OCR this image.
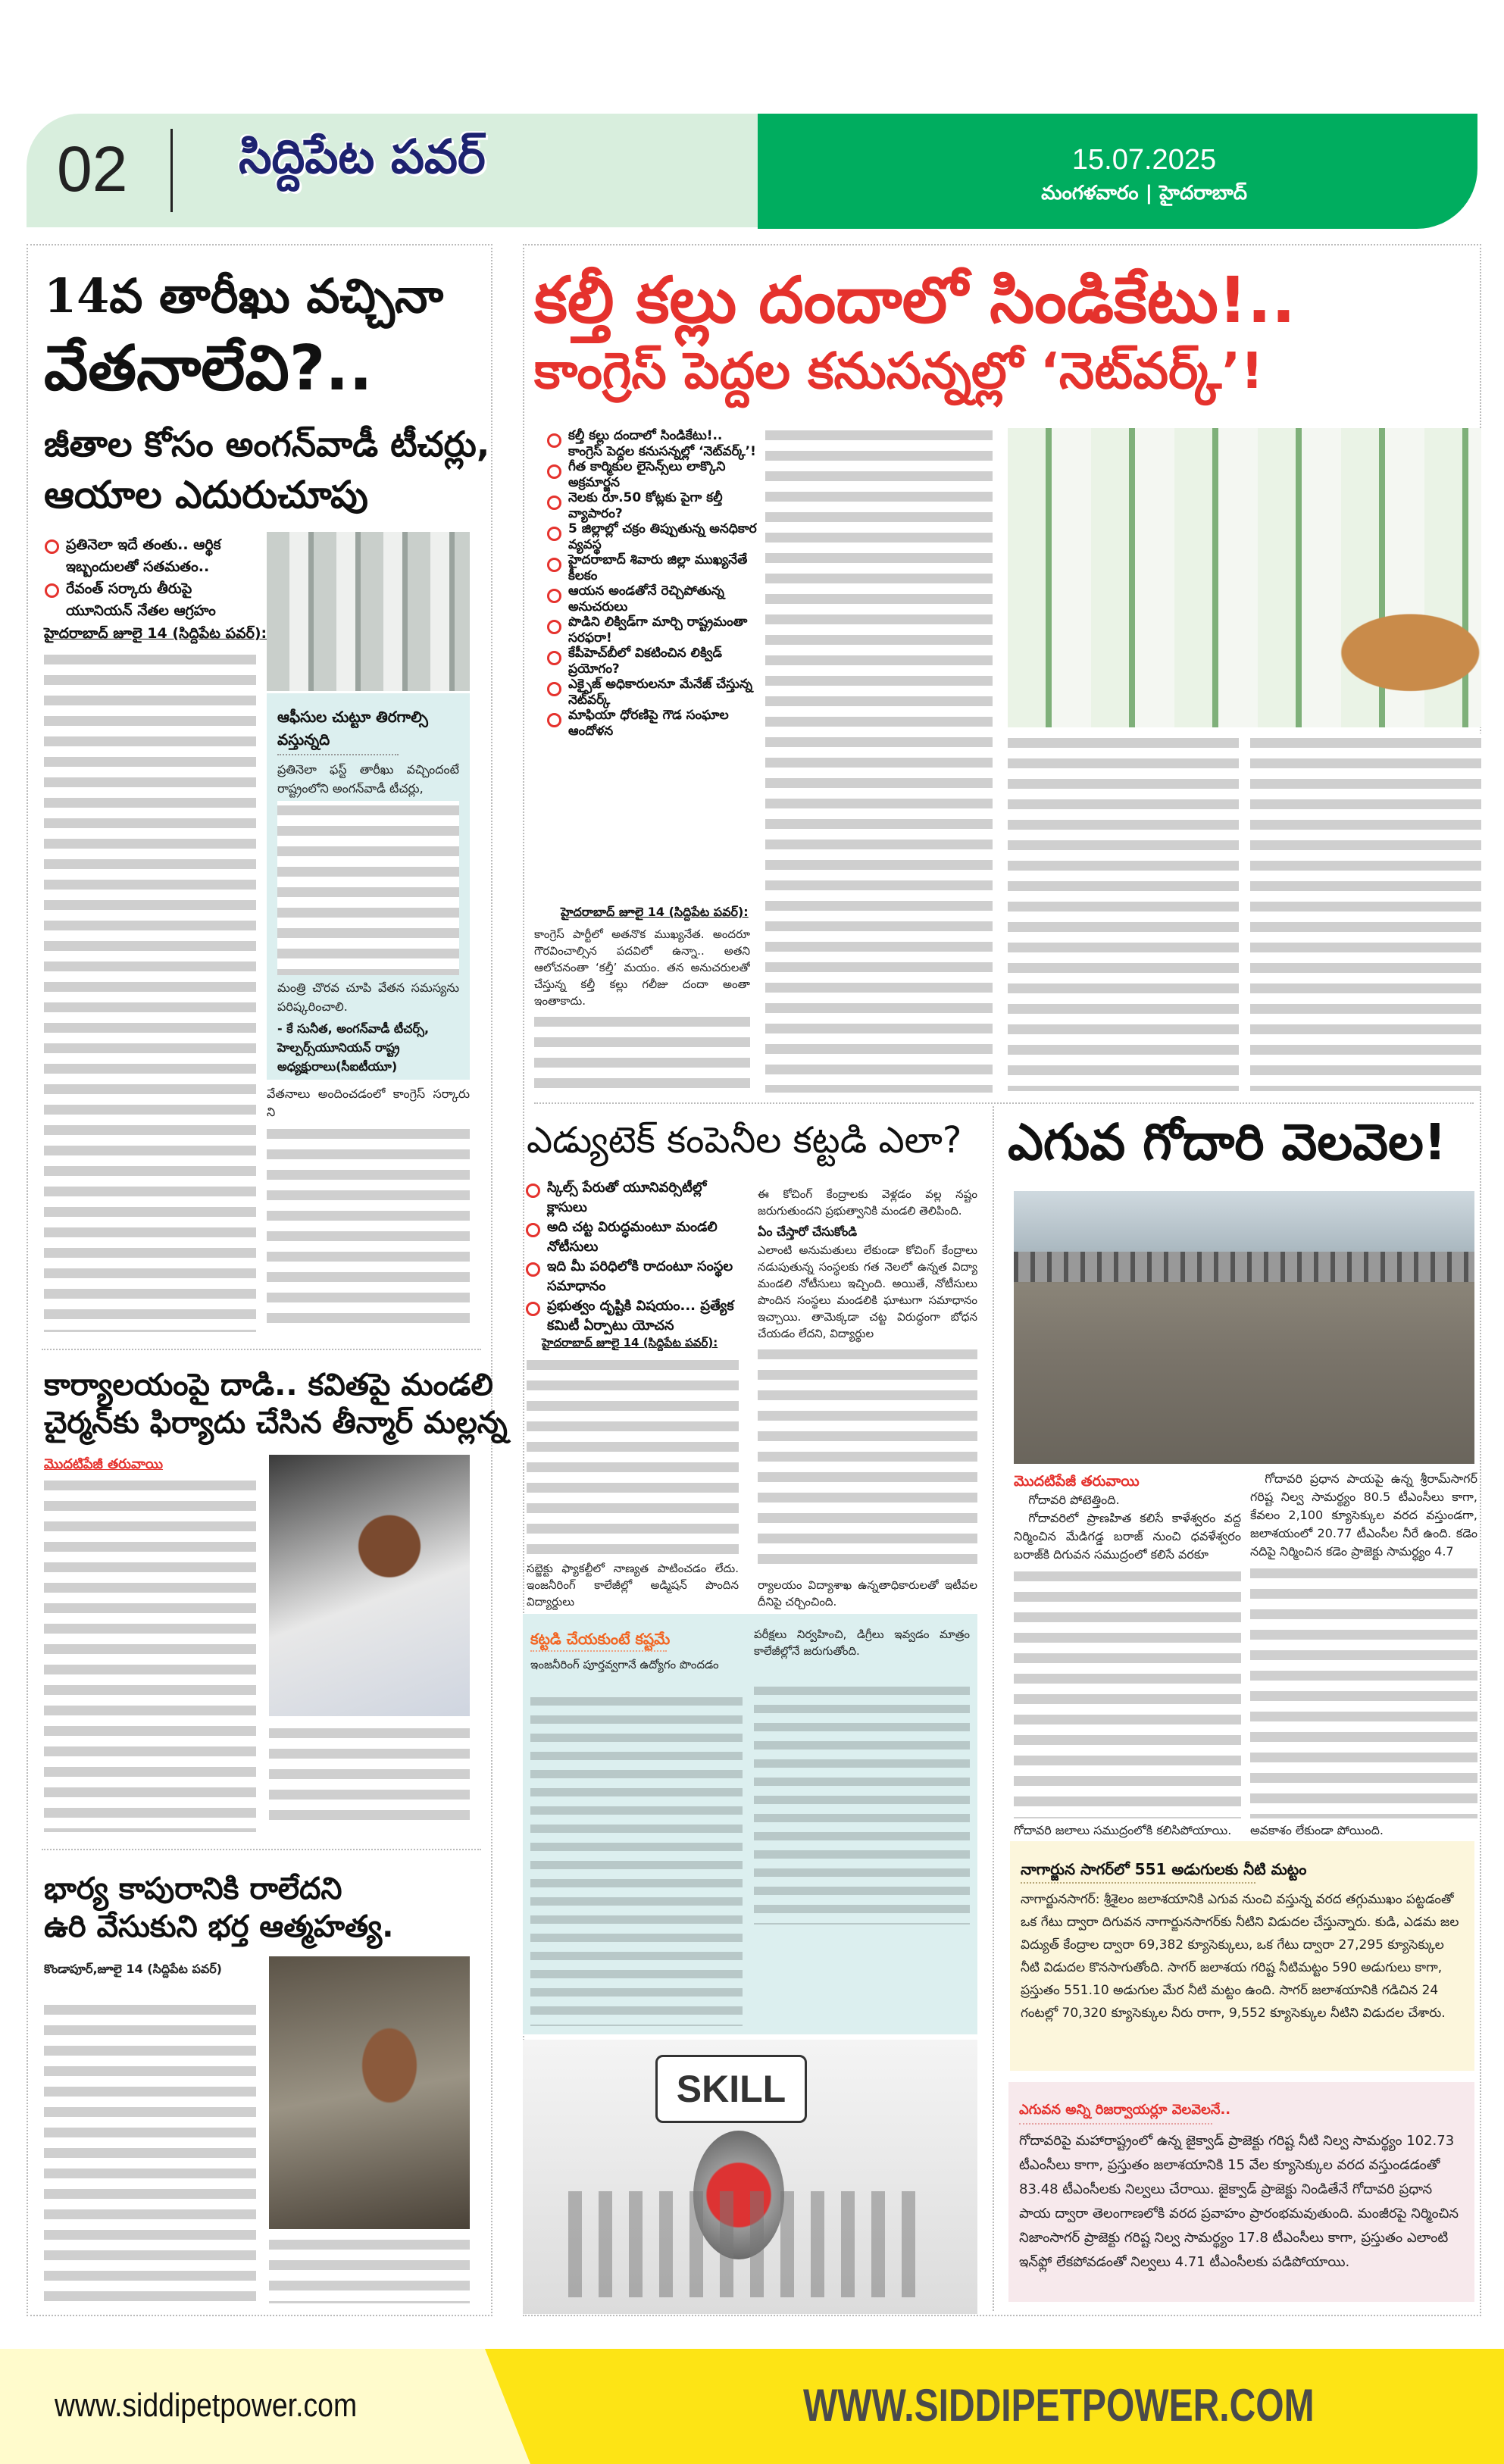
02 సిద్దిపేట పవర్	15.07.2025
మంగళవారం | హైదరాబాద్
14వ తారీఖు వచ్చినా
వేతనాలేవి?..
జీతాల కోసం అంగన్‌వాడీ టీచర్లు,
ఆయాల ఎదురుచూపు
ప్రతినెలా ఇదే తంతు.. ఆర్థిక ఇబ్బందులతో సతమతం..
రేవంత్ సర్కారు తీరుపై యూనియన్ నేతల ఆగ్రహం
హైదరాబాద్ జూలై 14 (సిద్దిపేట పవర్):
ఆఫీసుల చుట్టూ తిరగాల్సి వస్తున్నది
ప్రతినెలా ఫస్ట్ తారీఖు వచ్చిందంటే రాష్ట్రంలోని అంగన్‌వాడీ టీచర్లు,
మంత్రి చొరవ చూపి వేతన సమస్యను పరిష్కరించాలి.
- కే సునీత, అంగన్‌వాడీ టీచర్స్, హెల్పర్స్‌యూనియన్ రాష్ట్ర అధ్యక్షురాలు(సీఐటీయూ)
వేతనాలు అందించడంలో కాంగ్రెస్ సర్కారు ని
కార్యాలయంపై దాడి.. కవితపై మండలి
చైర్మన్‌కు ఫిర్యాదు చేసిన తీన్మార్ మల్లన్న
మొదటిపేజీ తరువాయి
భార్య కాపురానికి రాలేదని
ఉరి వేసుకుని భర్త ఆత్మహత్య.
కొండాపూర్,జూలై 14 (సిద్దిపేట పవర్)
కల్తీ కల్లు దందాలో సిండికేటు!..
కాంగ్రెస్ పెద్దల కనుసన్నల్లో ‘నెట్‌వర్క్’!
కల్తీ కల్లు దందాలో సిండికేటు!.. కాంగ్రెస్ పెద్దల కనుసన్నల్లో ‘నెట్‌వర్క్’!
గీత కార్మికుల లైసెన్స్‌లు లాక్కొని అక్రమార్జన
నెలకు రూ.50 కోట్లకు పైగా కల్తీ వ్యాపారం?
5 జిల్లాల్లో చక్రం తిప్పుతున్న అనధికార వ్యవస్థ
హైదరాబాద్ శివారు జిల్లా ముఖ్యనేతే కీలకం
ఆయన అండతోనే రెచ్చిపోతున్న అనుచరులు
పొడిని లిక్విడ్‌గా మార్చి రాష్ట్రమంతా సరఫరా!
కేపీహెచ్‌బీలో వికటించిన లిక్విడ్ ప్రయోగం?
ఎక్సైజ్ అధికారులనూ మేనేజ్ చేస్తున్న నెట్‌వర్క్
మాఫియా ధోరణిపై గౌడ సంఘాల ఆందోళన
హైదరాబాద్ జూలై 14 (సిద్దిపేట పవర్):
కాంగ్రెస్ పార్టీలో అతనొక ముఖ్యనేత. అందరూ గౌరవించాల్సిన పదవిలో ఉన్నా.. అతని ఆలోచనంతా ‘కల్తీ’ మయం. తన అనుచరులతో చేస్తున్న కల్తీ కల్లు గలీజు దందా అంతా ఇంతాకాదు.
ఎడ్యుటెక్ కంపెనీల కట్టడి ఎలా?
స్కిల్స్ పేరుతో యూనివర్సిటీల్లో క్లాసులు
అది చట్ట విరుద్ధమంటూ మండలి నోటీసులు
ఇది మీ పరిధిలోకి రాదంటూ సంస్థల సమాధానం
ప్రభుత్వం దృష్టికి విషయం... ప్రత్యేక కమిటీ ఏర్పాటు యోచన
హైదరాబాద్ జూలై 14 (సిద్దిపేట పవర్):
సబ్జెక్టు ఫ్యాకల్టీలో నాణ్యత పాటించడం లేదు. ఇంజనీరింగ్ కాలేజీల్లో అడ్మిషన్ పొందిన విద్యార్థులు
ఈ కోచింగ్ కేంద్రాలకు వెళ్లడం వల్ల నష్టం జరుగుతుందని ప్రభుత్వానికి మండలి తెలిపింది.
ఏం చేస్తారో చేసుకోండి
ఎలాంటి అనుమతులు లేకుండా కోచింగ్ కేంద్రాలు నడుపుతున్న సంస్థలకు గత నెలలో ఉన్నత విద్యా మండలి నోటీసులు ఇచ్చింది. అయితే, నోటీసులు పొందిన సంస్థలు మండలికి ఘాటుగా సమాధానం ఇచ్చాయి. తామెక్కడా చట్ట విరుద్ధంగా బోధన చేయడం లేదని, విద్యార్థుల
ర్యాలయం విద్యాశాఖ ఉన్నతాధికారులతో ఇటీవల దీనిపై చర్చించింది.
కట్టడి చేయకుంటే కష్టమే
ఇంజనీరింగ్ పూర్తవ్వగానే ఉద్యోగం పొందడం
పరీక్షలు నిర్వహించి, డిగ్రీలు ఇవ్వడం మాత్రం కాలేజీల్లోనే జరుగుతోంది.
SKILL
ఎగువ గోదారి వెలవెల!
మొదటిపేజీ తరువాయి
గోదావరి పోటెత్తింది.
గోదావరిలో ప్రాణహిత కలిసే కాళేశ్వరం వద్ద నిర్మించిన మేడిగడ్డ బరాజ్ నుంచి ధవళేశ్వరం బరాజ్‌కి దిగువన సముద్రంలో కలిసే వరకూ
గోదావరి జలాలు సముద్రంలోకి కలిసిపోయాయి.
గోదావరి ప్రధాన పాయపై ఉన్న శ్రీరామ్‌సాగర్ గరిష్ట నిల్వ సామర్థ్యం 80.5 టీఎంసీలు కాగా, కేవలం 2,100 క్యూసెక్కుల వరద వస్తుండగా, జలాశయంలో 20.77 టీఎంసీల నీరే ఉంది. కడెం నదిపై నిర్మించిన కడెం ప్రాజెక్టు సామర్థ్యం 4.7
అవకాశం లేకుండా పోయింది.
నాగార్జున సాగర్‌లో 551 అడుగులకు నీటి మట్టం
నాగార్జునసాగర్: శ్రీశైలం జలాశయానికి ఎగువ నుంచి వస్తున్న వరద తగ్గుముఖం పట్టడంతో ఒక గేటు ద్వారా దిగువన నాగార్జునసాగర్‌కు నీటిని విడుదల చేస్తున్నారు. కుడి, ఎడమ జల విద్యుత్ కేంద్రాల ద్వారా 69,382 క్యూసెక్కులు, ఒక గేటు ద్వారా 27,295 క్యూసెక్కుల నీటి విడుదల కొనసాగుతోంది. సాగర్ జలాశయ గరిష్ట నీటిమట్టం 590 అడుగులు కాగా, ప్రస్తుతం 551.10 అడుగుల మేర నీటి మట్టం ఉంది. సాగర్ జలాశయానికి గడిచిన 24 గంటల్లో 70,320 క్యూసెక్కుల నీరు రాగా, 9,552 క్యూసెక్కుల నీటిని విడుదల చేశారు.
ఎగువన అన్ని రిజర్వాయర్లూ వెలవెలనే..
గోదావరిపై మహారాష్ట్రంలో ఉన్న జైక్వాడ్ ప్రాజెక్టు గరిష్ట నీటి నిల్వ సామర్థ్యం 102.73 టీఎంసీలు కాగా, ప్రస్తుతం జలాశయానికి 15 వేల క్యూసెక్కుల వరద వస్తుండడంతో 83.48 టీఎంసీలకు నిల్వలు చేరాయి. జైక్వాడ్ ప్రాజెక్టు నిండితేనే గోదావరి ప్రధాన పాయ ద్వారా తెలంగాణలోకి వరద ప్రవాహం ప్రారంభమవుతుంది. మంజీరపై నిర్మించిన నిజాంసాగర్ ప్రాజెక్టు గరిష్ట నిల్వ సామర్థ్యం 17.8 టీఎంసీలు కాగా, ప్రస్తుతం ఎలాంటి ఇన్‌ఫ్లో లేకపోవడంతో నిల్వలు 4.71 టీఎంసీలకు పడిపోయాయి.
www.siddipetpower.com	WWW.SIDDIPETPOWER.COM
